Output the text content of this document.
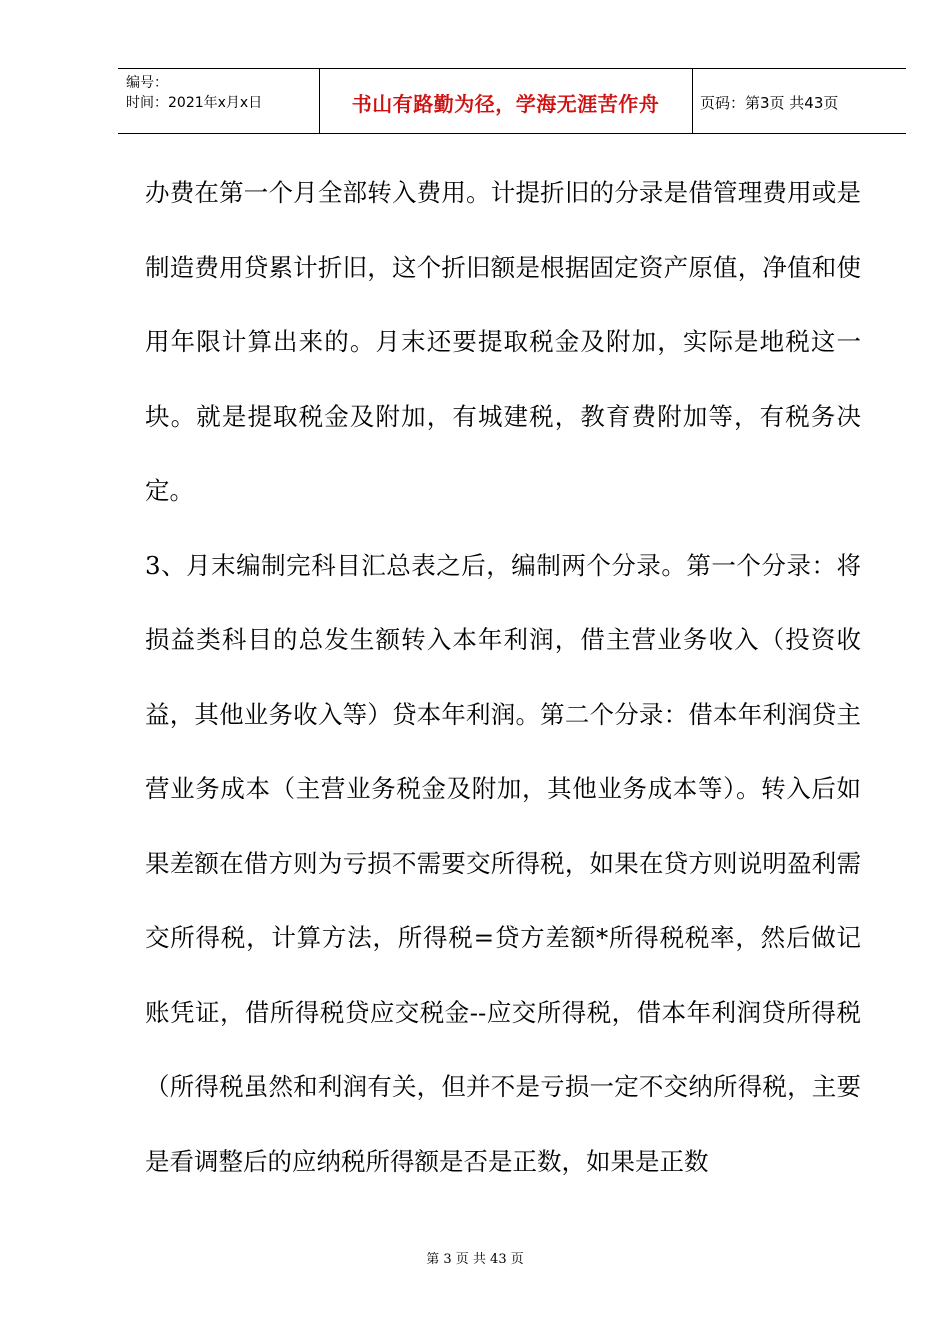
编号：
时间：2021年x月x日	书山有路勤为径，学海无涯苦作舟	页码：第3页 共43页

办费在第一个月全部转入费用。计提折旧的分录是借管理费用或是制造费用贷累计折旧，这个折旧额是根据固定资产原值，净值和使用年限计算出来的。月末还要提取税金及附加，实际是地税这一块。就是提取税金及附加，有城建税，教育费附加等，有税务决定。

3、月末编制完科目汇总表之后，编制两个分录。第一个分录：将损益类科目的总发生额转入本年利润，借主营业务收入（投资收益，其他业务收入等）贷本年利润。第二个分录：借本年利润贷主营业务成本（主营业务税金及附加，其他业务成本等）。转入后如果差额在借方则为亏损不需要交所得税，如果在贷方则说明盈利需交所得税，计算方法，所得税=贷方差额*所得税税率，然后做记账凭证，借所得税贷应交税金--应交所得税，借本年利润贷所得税（所得税虽然和利润有关，但并不是亏损一定不交纳所得税，主要是看调整后的应纳税所得额是否是正数，如果是正数

第 3 页 共 43 页
